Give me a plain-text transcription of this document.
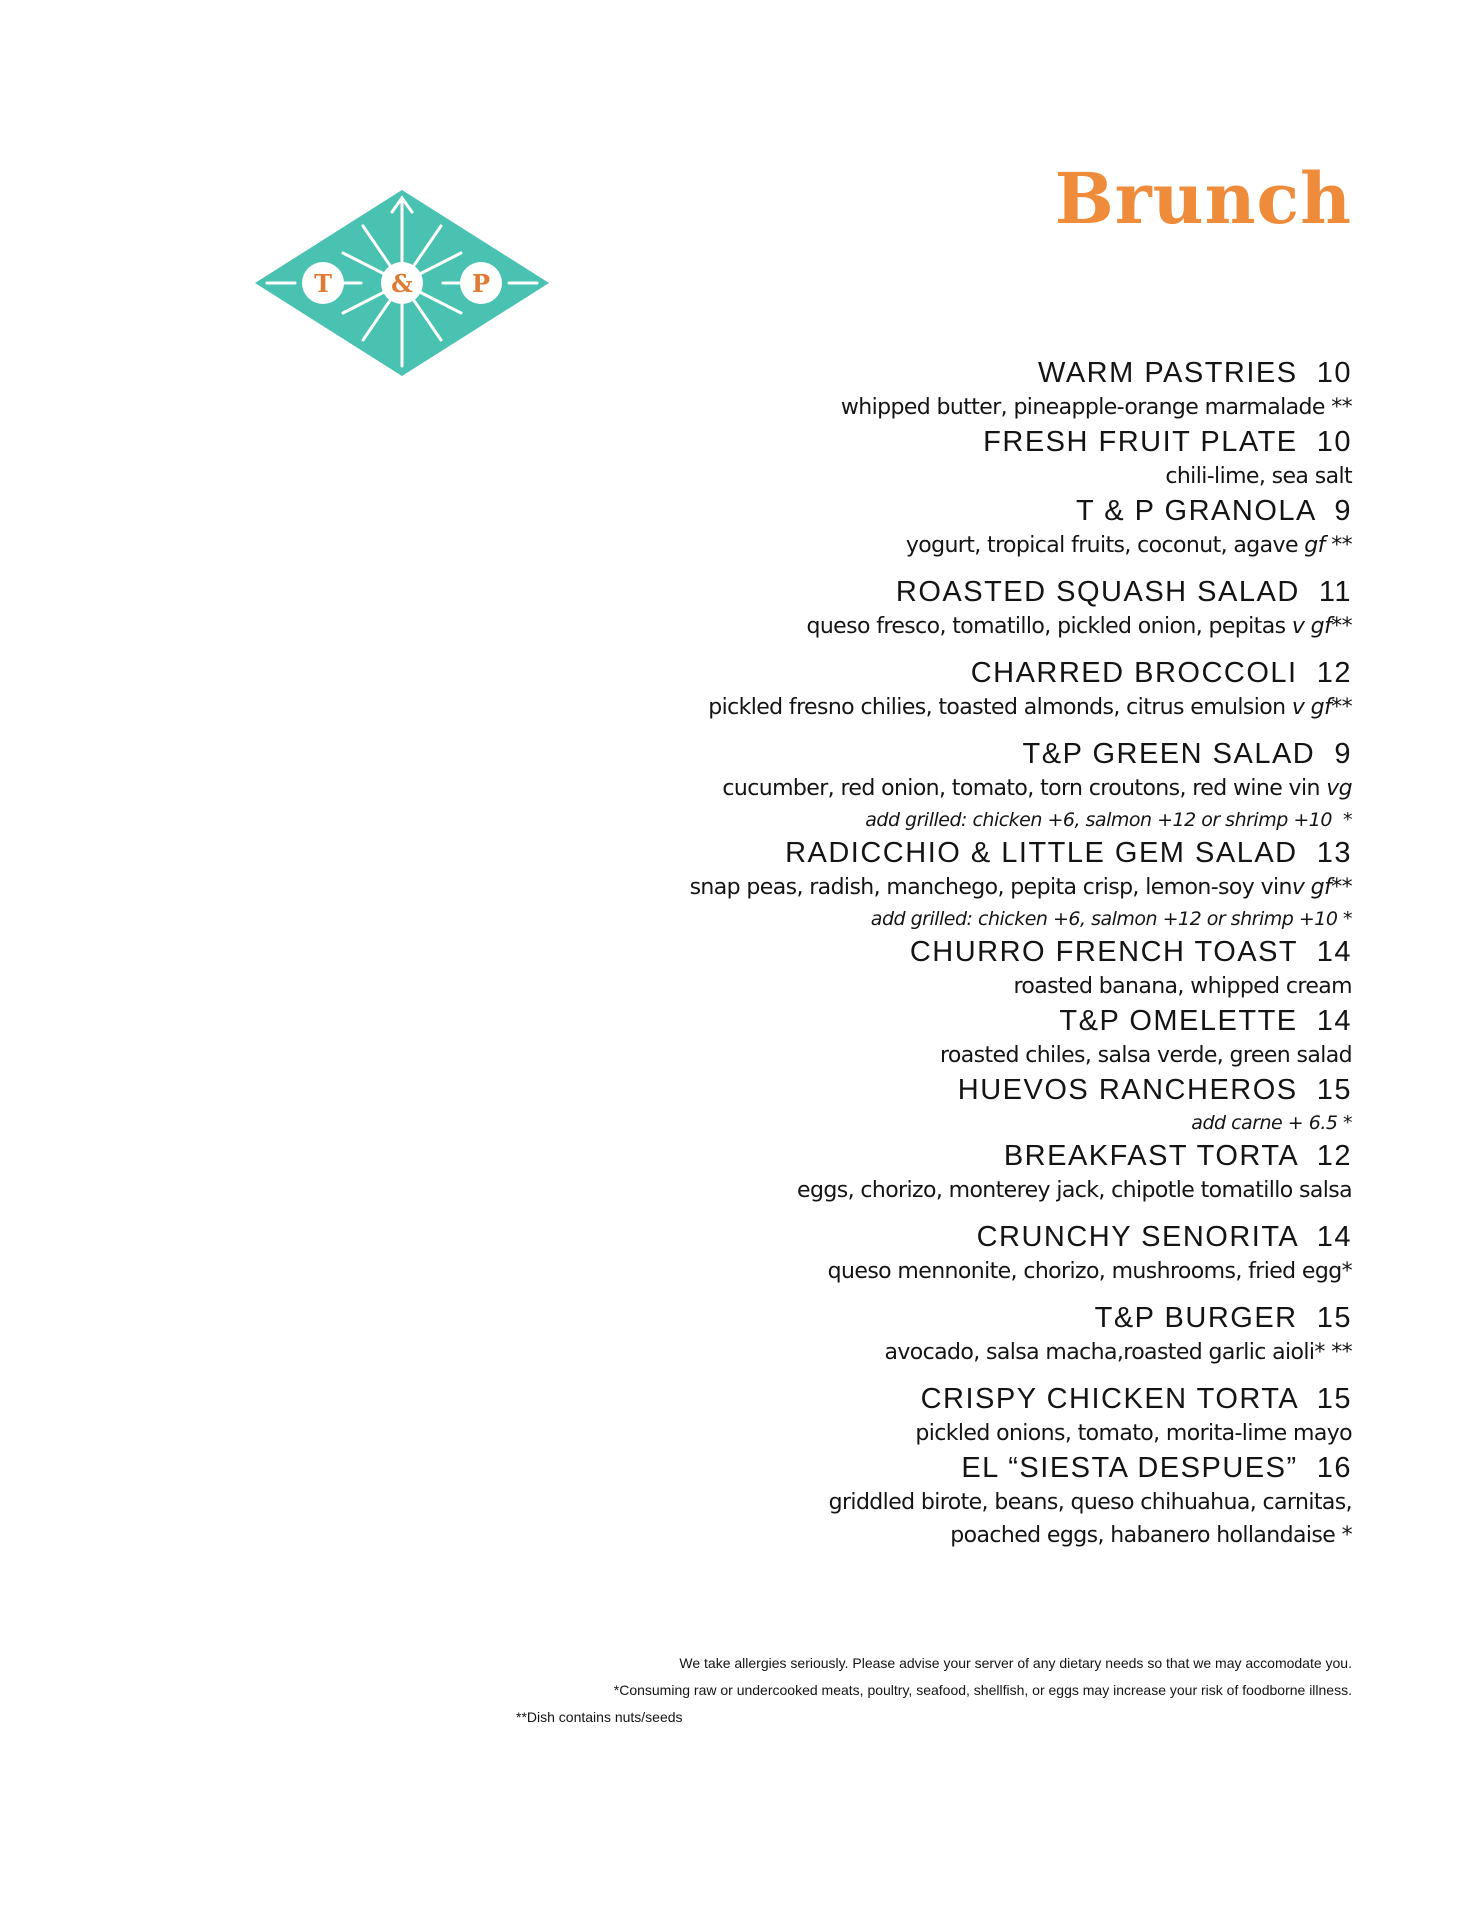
T & P
Brunch
WARM PASTRIES  10
whipped butter, pineapple-orange marmalade **
FRESH FRUIT PLATE  10
chili-lime, sea salt
T & P GRANOLA  9
yogurt, tropical fruits, coconut, agave gf **
ROASTED SQUASH SALAD  11
queso fresco, tomatillo, pickled onion, pepitas v gf**
CHARRED BROCCOLI  12
pickled fresno chilies, toasted almonds, citrus emulsion v gf**
T&P GREEN SALAD  9
cucumber, red onion, tomato, torn croutons, red wine vin vg
add grilled: chicken +6, salmon +12 or shrimp +10  *
RADICCHIO & LITTLE GEM SALAD  13
snap peas, radish, manchego, pepita crisp, lemon-soy vinv gf**
add grilled: chicken +6, salmon +12 or shrimp +10 *
CHURRO FRENCH TOAST  14
roasted banana, whipped cream
T&P OMELETTE  14
roasted chiles, salsa verde, green salad
HUEVOS RANCHEROS  15
add carne + 6.5 *
BREAKFAST TORTA  12
eggs, chorizo, monterey jack, chipotle tomatillo salsa
CRUNCHY SENORITA  14
queso mennonite, chorizo, mushrooms, fried egg*
T&P BURGER  15
avocado, salsa macha,roasted garlic aioli* **
CRISPY CHICKEN TORTA  15
pickled onions, tomato, morita-lime mayo
EL “SIESTA DESPUES”  16
griddled birote, beans, queso chihuahua, carnitas,
poached eggs, habanero hollandaise *
We take allergies seriously. Please advise your server of any dietary needs so that we may accomodate you.
*Consuming raw or undercooked meats, poultry, seafood, shellfish, or eggs may increase your risk of foodborne illness.
**Dish contains nuts/seeds
